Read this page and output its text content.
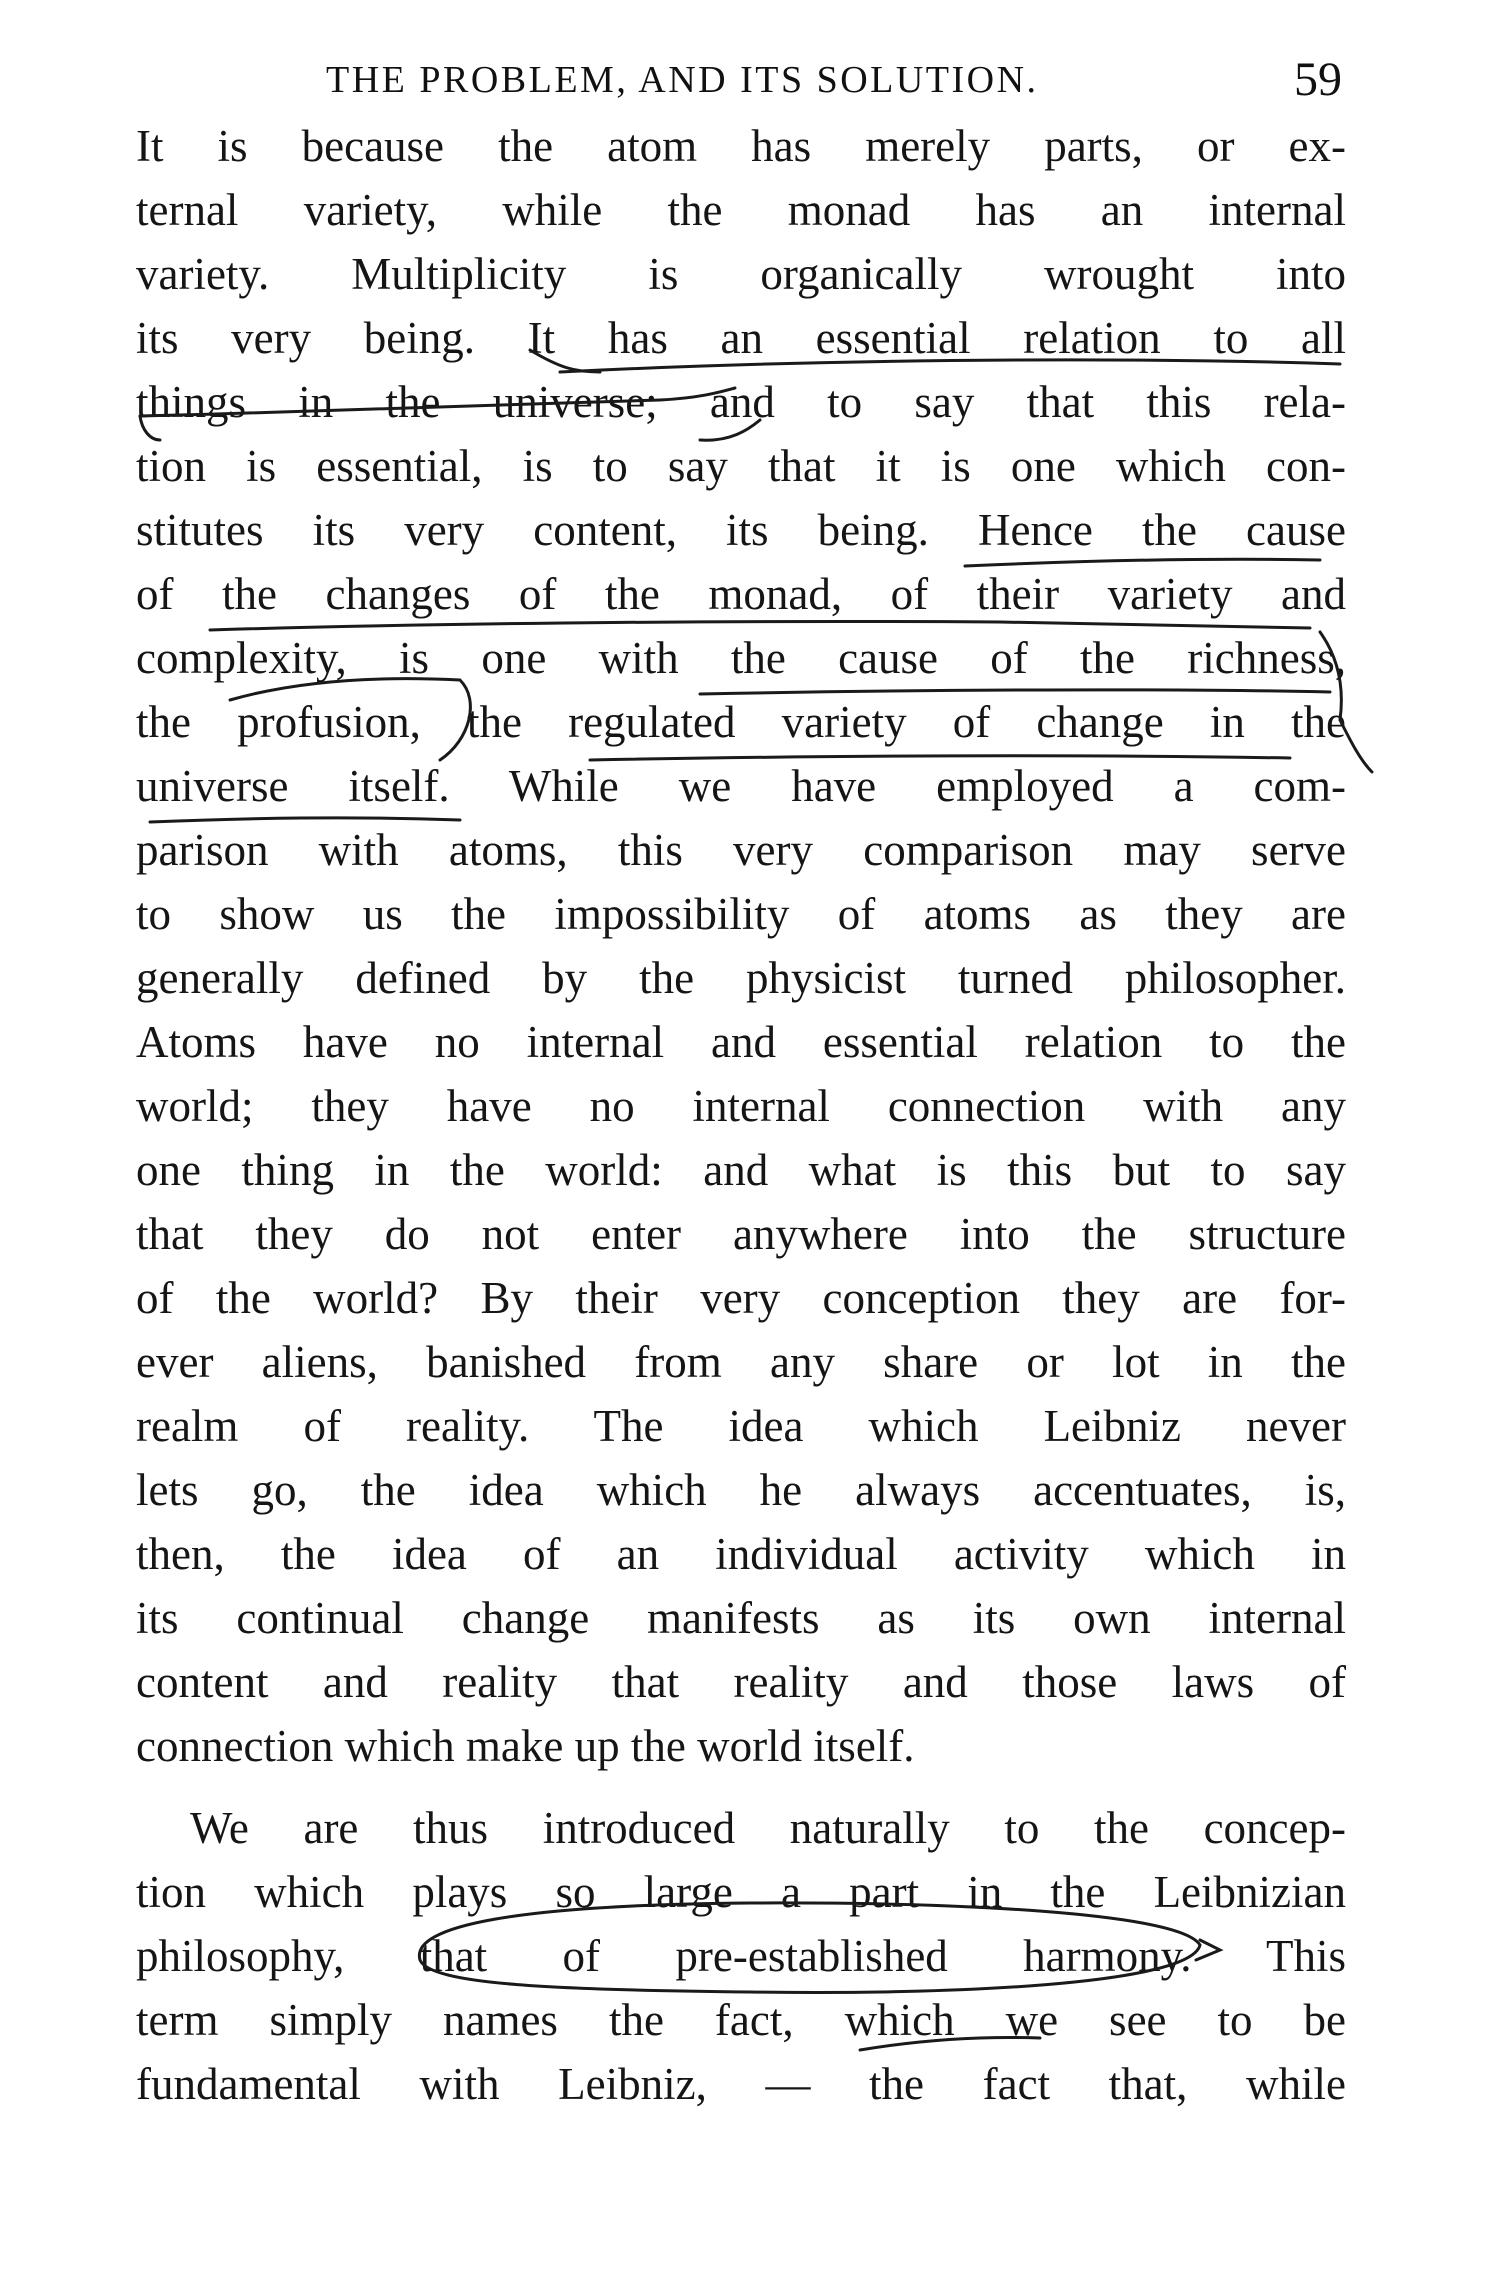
THE PROBLEM, AND ITS SOLUTION.	59
It is because the atom has merely parts, or ex-
ternal variety, while the monad has an internal
variety. Multiplicity is organically wrought into
its very being. It has an essential relation to all
things in the universe; and to say that this rela-
tion is essential, is to say that it is one which con-
stitutes its very content, its being. Hence the cause
of the changes of the monad, of their variety and
complexity, is one with the cause of the richness,
the profusion, the regulated variety of change in the
universe itself. While we have employed a com-
parison with atoms, this very comparison may serve
to show us the impossibility of atoms as they are
generally defined by the physicist turned philosopher.
Atoms have no internal and essential relation to the
world; they have no internal connection with any
one thing in the world: and what is this but to say
that they do not enter anywhere into the structure
of the world? By their very conception they are for-
ever aliens, banished from any share or lot in the
realm of reality. The idea which Leibniz never
lets go, the idea which he always accentuates, is,
then, the idea of an individual activity which in
its continual change manifests as its own internal
content and reality that reality and those laws of
connection which make up the world itself.
We are thus introduced naturally to the concep-
tion which plays so large a part in the Leibnizian
philosophy, that of pre-established harmony. This
term simply names the fact, which we see to be
fundamental with Leibniz, — the fact that, while
